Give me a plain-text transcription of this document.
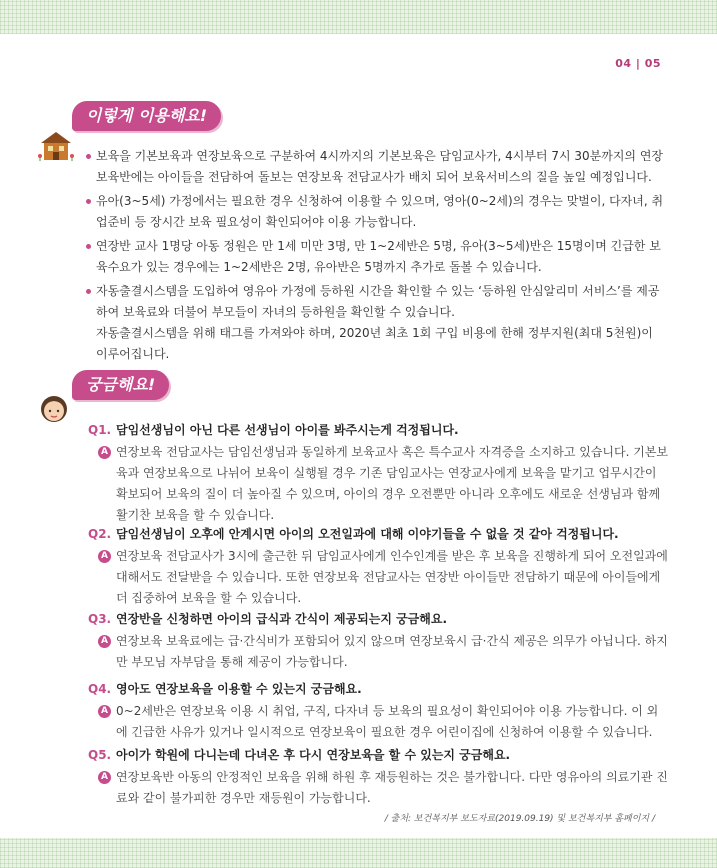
04 | 05
이렇게 이용해요!
보육을 기본보육과 연장보육으로 구분하여 4시까지의 기본보육은 담임교사가, 4시부터 7시 30분까지의 연장보육반에는 아이들을 전담하여 돌보는 연장보육 전담교사가 배치 되어 보육서비스의 질을 높일 예정입니다.
유아(3~5세) 가정에서는 필요한 경우 신청하여 이용할 수 있으며, 영아(0~2세)의 경우는 맞벌이, 다자녀, 취업준비 등 장시간 보육 필요성이 확인되어야 이용 가능합니다.
연장반 교사 1명당 아동 정원은 만 1세 미만 3명, 만 1~2세반은 5명, 유아(3~5세)반은 15명이며 긴급한 보육수요가 있는 경우에는 1~2세반은 2명, 유아반은 5명까지 추가로 돌볼 수 있습니다.
자동출결시스템을 도입하여 영유아 가정에 등하원 시간을 확인할 수 있는 ‘등하원 안심알리미 서비스’를 제공하여 보육료와 더불어 부모들이 자녀의 등하원을 확인할 수 있습니다.
자동출결시스템을 위해 태그를 가져와야 하며, 2020년 최초 1회 구입 비용에 한해 정부지원(최대 5천원)이 이루어집니다.
궁금해요!
Q1. 담임선생님이 아닌 다른 선생님이 아이를 봐주시는게 걱정됩니다.
A 연장보육 전담교사는 담임선생님과 동일하게 보육교사 혹은 특수교사 자격증을 소지하고 있습니다. 기본보육과 연장보육으로 나뉘어 보육이 실행될 경우 기존 담임교사는 연장교사에게 보육을 맡기고 업무시간이 확보되어 보육의 질이 더 높아질 수 있으며, 아이의 경우 오전뿐만 아니라 오후에도 새로운 선생님과 함께 활기찬 보육을 할 수 있습니다.
Q2. 담임선생님이 오후에 안계시면 아이의 오전일과에 대해 이야기들을 수 없을 것 같아 걱정됩니다.
A 연장보육 전담교사가 3시에 출근한 뒤 담임교사에게 인수인계를 받은 후 보육을 진행하게 되어 오전일과에 대해서도 전달받을 수 있습니다. 또한 연장보육 전담교사는 연장반 아이들만 전담하기 때문에 아이들에게 더 집중하여 보육을 할 수 있습니다.
Q3. 연장반을 신청하면 아이의 급식과 간식이 제공되는지 궁금해요.
A 연장보육 보육료에는 급·간식비가 포함되어 있지 않으며 연장보육시 급·간식 제공은 의무가 아닙니다. 하지만 부모님 자부담을 통해 제공이 가능합니다.
Q4. 영아도 연장보육을 이용할 수 있는지 궁금해요.
A 0~2세반은 연장보육 이용 시 취업, 구직, 다자녀 등 보육의 필요성이 확인되어야 이용 가능합니다. 이 외에 긴급한 사유가 있거나 일시적으로 연장보육이 필요한 경우 어린이집에 신청하여 이용할 수 있습니다.
Q5. 아이가 학원에 다니는데 다녀온 후 다시 연장보육을 할 수 있는지 궁금해요.
A 연장보육반 아동의 안정적인 보육을 위해 하원 후 재등원하는 것은 불가합니다. 다만 영유아의 의료기관 진료와 같이 불가피한 경우만 재등원이 가능합니다.
/ 출처: 보건복지부 보도자료(2019.09.19) 및 보건복지부 홈페이지 /
